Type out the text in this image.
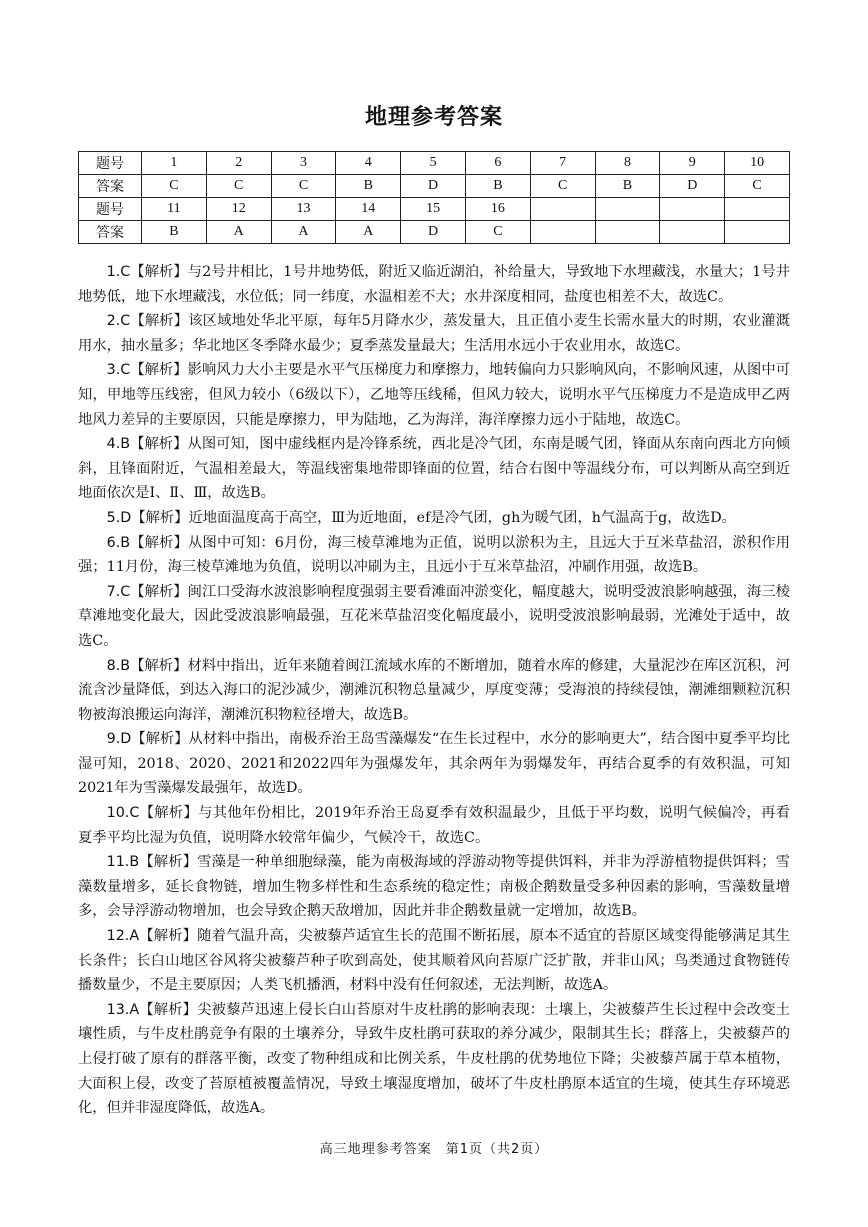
地理参考答案
题号	1	2	3	4	5	6	7	8	9	10
答案	C	C	C	B	D	B	C	B	D	C
题号	11	12	13	14	15	16				
答案	B	A	A	A	D	C				

1.C【解析】与2号井相比，1号井地势低，附近又临近湖泊，补给量大，导致地下水埋藏浅，水量大；1号井地势低，地下水埋藏浅，水位低；同一纬度，水温相差不大；水井深度相同，盐度也相差不大，故选C。

2.C【解析】该区域地处华北平原，每年5月降水少，蒸发量大，且正值小麦生长需水量大的时期，农业灌溉用水，抽水量多；华北地区冬季降水最少；夏季蒸发量最大；生活用水远小于农业用水，故选C。

3.C【解析】影响风力大小主要是水平气压梯度力和摩擦力，地转偏向力只影响风向，不影响风速，从图中可知，甲地等压线密，但风力较小（6级以下），乙地等压线稀，但风力较大，说明水平气压梯度力不是造成甲乙两地风力差异的主要原因，只能是摩擦力，甲为陆地，乙为海洋，海洋摩擦力远小于陆地，故选C。

4.B【解析】从图可知，图中虚线框内是冷锋系统，西北是冷气团，东南是暖气团，锋面从东南向西北方向倾斜，且锋面附近，气温相差最大，等温线密集地带即锋面的位置，结合右图中等温线分布，可以判断从高空到近地面依次是Ⅰ、Ⅱ、Ⅲ，故选B。

5.D【解析】近地面温度高于高空，Ⅲ为近地面，ef是冷气团，gh为暖气团，h气温高于g，故选D。

6.B【解析】从图中可知：6月份，海三棱草滩地为正值，说明以淤积为主，且远大于互米草盐沼，淤积作用强；11月份，海三棱草滩地为负值，说明以冲刷为主，且远小于互米草盐沼，冲刷作用强，故选B。

7.C【解析】闽江口受海水波浪影响程度强弱主要看滩面冲淤变化，幅度越大，说明受波浪影响越强，海三棱草滩地变化最大，因此受波浪影响最强，互花米草盐沼变化幅度最小，说明受波浪影响最弱，光滩处于适中，故选C。

8.B【解析】材料中指出，近年来随着闽江流域水库的不断增加，随着水库的修建，大量泥沙在库区沉积，河流含沙量降低，到达入海口的泥沙减少，潮滩沉积物总量减少，厚度变薄；受海浪的持续侵蚀，潮滩细颗粒沉积物被海浪搬运向海洋，潮滩沉积物粒径增大，故选B。

9.D【解析】从材料中指出，南极乔治王岛雪藻爆发“在生长过程中，水分的影响更大”，结合图中夏季平均比湿可知，2018、2020、2021和2022四年为强爆发年，其余两年为弱爆发年，再结合夏季的有效积温，可知2021年为雪藻爆发最强年，故选D。

10.C【解析】与其他年份相比，2019年乔治王岛夏季有效积温最少，且低于平均数，说明气候偏冷，再看夏季平均比湿为负值，说明降水较常年偏少，气候冷干，故选C。

11.B【解析】雪藻是一种单细胞绿藻，能为南极海域的浮游动物等提供饵料，并非为浮游植物提供饵料；雪藻数量增多，延长食物链，增加生物多样性和生态系统的稳定性；南极企鹅数量受多种因素的影响，雪藻数量增多，会导浮游动物增加，也会导致企鹅天敌增加，因此并非企鹅数量就一定增加，故选B。

12.A【解析】随着气温升高，尖被藜芦适宜生长的范围不断拓展，原本不适宜的苔原区域变得能够满足其生长条件；长白山地区谷风将尖被藜芦种子吹到高处，使其顺着风向苔原广泛扩散，并非山风；鸟类通过食物链传播数量少，不是主要原因；人类飞机播洒，材料中没有任何叙述，无法判断，故选A。

13.A【解析】尖被藜芦迅速上侵长白山苔原对牛皮杜鹃的影响表现：土壤上，尖被藜芦生长过程中会改变土壤性质，与牛皮杜鹃竞争有限的土壤养分，导致牛皮杜鹃可获取的养分减少，限制其生长；群落上，尖被藜芦的上侵打破了原有的群落平衡，改变了物种组成和比例关系，牛皮杜鹃的优势地位下降；尖被藜芦属于草本植物，大面积上侵，改变了苔原植被覆盖情况，导致土壤湿度增加，破坏了牛皮杜鹃原本适宜的生境，使其生存环境恶化，但并非湿度降低，故选A。

高三地理参考答案　第1页（共2页）
